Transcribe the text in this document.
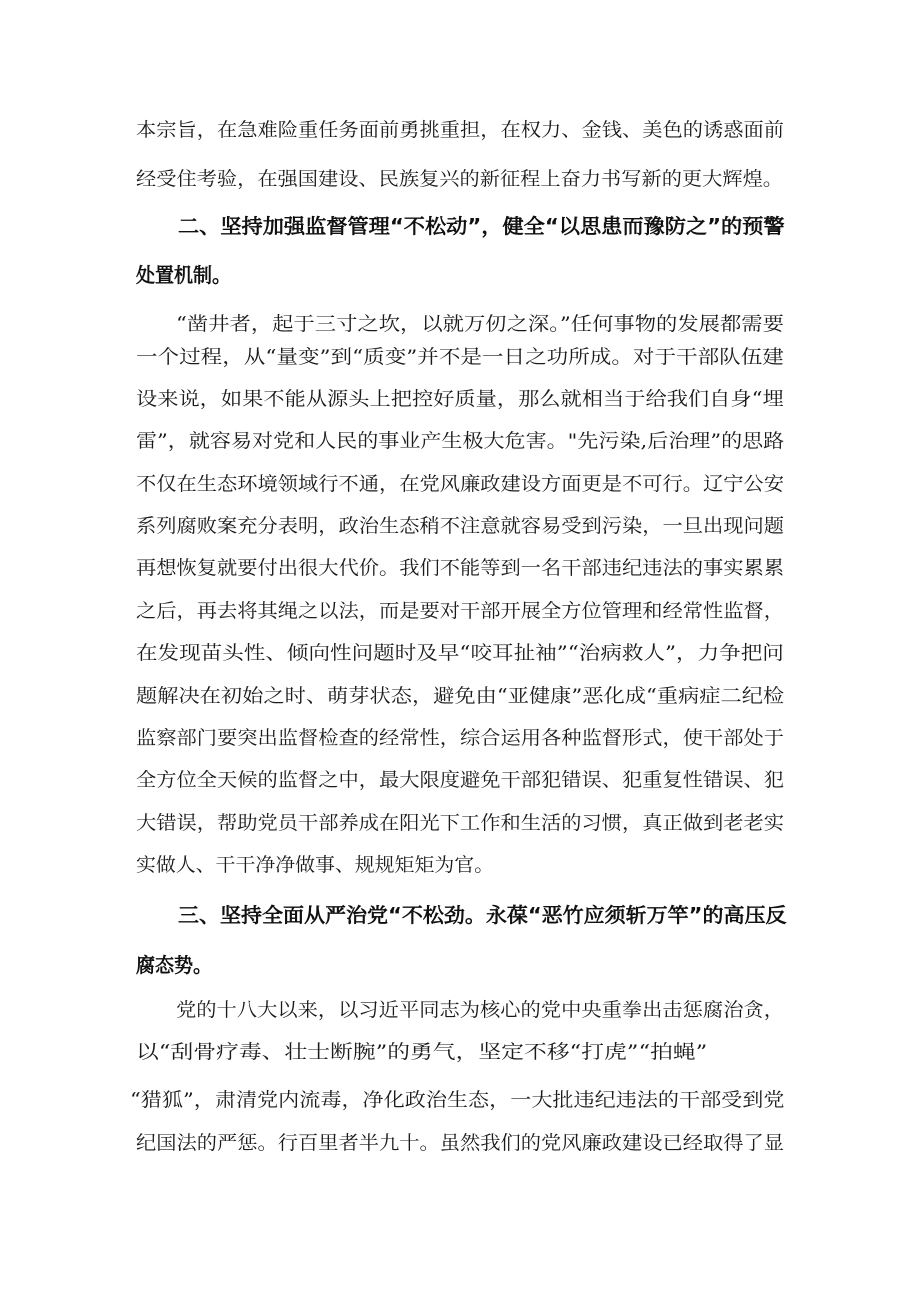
本宗旨，在急难险重任务面前勇挑重担，在权力、金钱、美色的诱惑面前
经受住考验，在强国建设、民族复兴的新征程上奋力书写新的更大辉煌。
二、坚持加强监督管理“不松动”，健全“以思患而豫防之”的预警
处置机制。
“凿井者，起于三寸之坎，以就万仞之深。”任何事物的发展都需要
一个过程，从“量变”到“质变”并不是一日之功所成。对于干部队伍建
设来说，如果不能从源头上把控好质量，那么就相当于给我们自身“埋
雷”，就容易对党和人民的事业产生极大危害。"先污染,后治理”的思路
不仅在生态环境领域行不通，在党风廉政建设方面更是不可行。辽宁公安
系列腐败案充分表明，政治生态稍不注意就容易受到污染，一旦出现问题
再想恢复就要付出很大代价。我们不能等到一名干部违纪违法的事实累累
之后，再去将其绳之以法，而是要对干部开展全方位管理和经常性监督，
在发现苗头性、倾向性问题时及早“咬耳扯袖”“治病救人”，力争把问
题解决在初始之时、萌芽状态，避免由“亚健康”恶化成“重病症二纪检
监察部门要突出监督检查的经常性，综合运用各种监督形式，使干部处于
全方位全天候的监督之中，最大限度避免干部犯错误、犯重复性错误、犯
大错误，帮助党员干部养成在阳光下工作和生活的习惯，真正做到老老实
实做人、干干净净做事、规规矩矩为官。
三、坚持全面从严治党“不松劲。永葆“恶竹应须斩万竿”的高压反
腐态势。
党的十八大以来，以习近平同志为核心的党中央重拳出击惩腐治贪，
以“刮骨疗毒、壮士断腕”的勇气，坚定不移“打虎”“拍蝇”
“猎狐”，肃清党内流毒，净化政治生态，一大批违纪违法的干部受到党
纪国法的严惩。行百里者半九十。虽然我们的党风廉政建设已经取得了显
